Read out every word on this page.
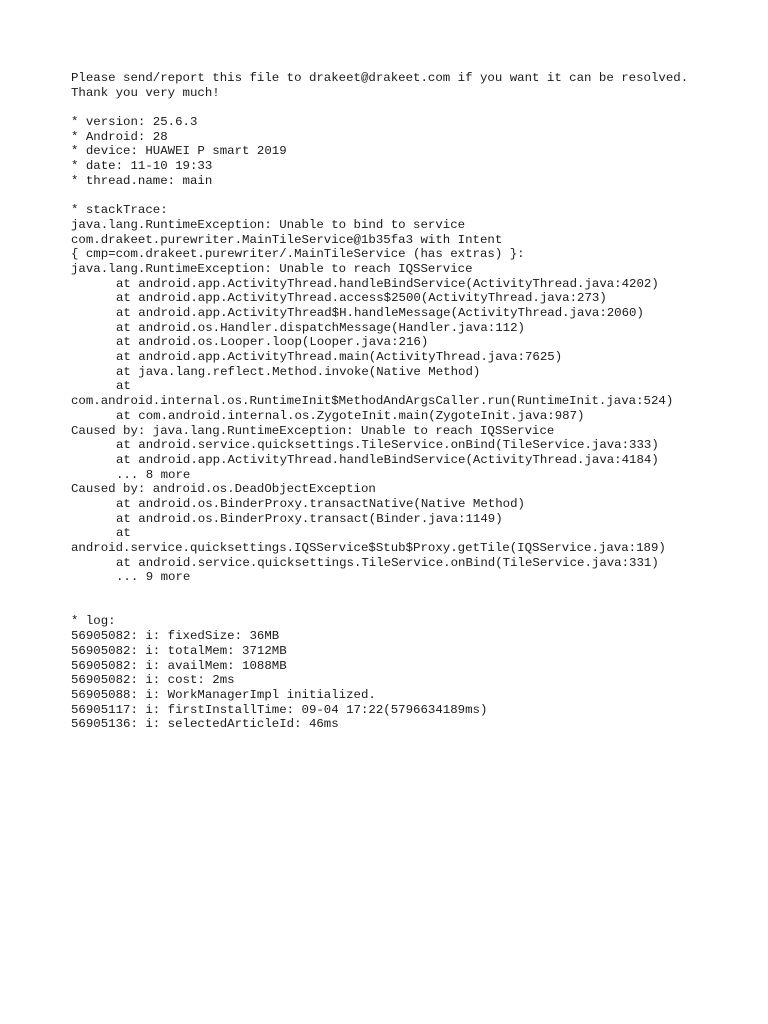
Please send/report this file to drakeet@drakeet.com if you want it can be resolved.
Thank you very much!
* version: 25.6.3
* Android: 28
* device: HUAWEI P smart 2019
* date: 11-10 19:33
* thread.name: main
* stackTrace:
java.lang.RuntimeException: Unable to bind to service
com.drakeet.purewriter.MainTileService@1b35fa3 with Intent
{ cmp=com.drakeet.purewriter/.MainTileService (has extras) }:
java.lang.RuntimeException: Unable to reach IQSService
at android.app.ActivityThread.handleBindService(ActivityThread.java:4202)
at android.app.ActivityThread.access$2500(ActivityThread.java:273)
at android.app.ActivityThread$H.handleMessage(ActivityThread.java:2060)
at android.os.Handler.dispatchMessage(Handler.java:112)
at android.os.Looper.loop(Looper.java:216)
at android.app.ActivityThread.main(ActivityThread.java:7625)
at java.lang.reflect.Method.invoke(Native Method)
at
com.android.internal.os.RuntimeInit$MethodAndArgsCaller.run(RuntimeInit.java:524)
at com.android.internal.os.ZygoteInit.main(ZygoteInit.java:987)
Caused by: java.lang.RuntimeException: Unable to reach IQSService
at android.service.quicksettings.TileService.onBind(TileService.java:333)
at android.app.ActivityThread.handleBindService(ActivityThread.java:4184)
... 8 more
Caused by: android.os.DeadObjectException
at android.os.BinderProxy.transactNative(Native Method)
at android.os.BinderProxy.transact(Binder.java:1149)
at
android.service.quicksettings.IQSService$Stub$Proxy.getTile(IQSService.java:189)
at android.service.quicksettings.TileService.onBind(TileService.java:331)
... 9 more
* log:
56905082: i: fixedSize: 36MB
56905082: i: totalMem: 3712MB
56905082: i: availMem: 1088MB
56905082: i: cost: 2ms
56905088: i: WorkManagerImpl initialized.
56905117: i: firstInstallTime: 09-04 17:22(5796634189ms)
56905136: i: selectedArticleId: 46ms
